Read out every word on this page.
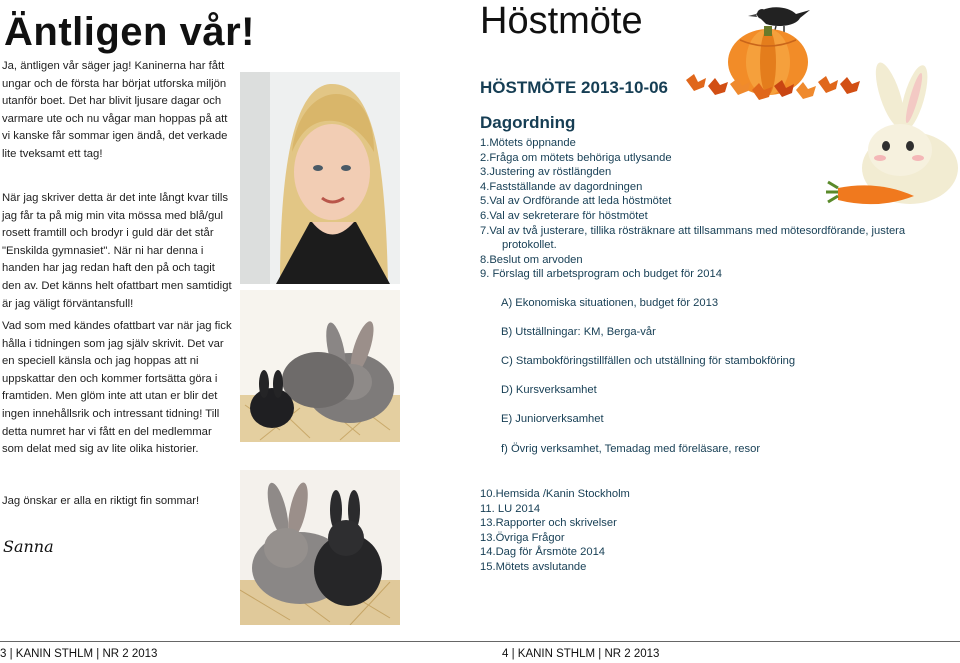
Äntligen vår!

Ja, äntligen vår säger jag! Kaninerna har fått ungar och de första har börjat utforska miljön utanför boet. Det har blivit ljusare dagar och varmare ute och nu vågar man hoppas på att vi kanske får sommar igen ändå, det verkade lite tveksamt ett tag!

När jag skriver detta är det inte långt kvar tills jag får ta på mig min vita mössa med blå/gul rosett framtill och brodyr i guld där det står "Enskilda gymnasiet". När ni har denna i handen har jag redan haft den på och tagit den av. Det känns helt ofattbart men samtidigt är jag väligt förväntansfull!

Vad som med kändes ofattbart var när jag fick hålla i tidningen som jag själv skrivit. Det var en speciell känsla och jag hoppas att ni uppskattar den och kommer fortsätta göra i framtiden. Men glöm inte att utan er blir det ingen innehållsrik och intressant tidning! Till detta numret har vi fått en del medlemmar som delat med sig av lite olika historier.

Jag önskar er alla en riktigt fin sommar!

Sanna
Höstmöte
HÖSTMÖTE 2013-10-06
Dagordning
1.Mötets öppnande
2.Fråga om mötets behöriga utlysande
3.Justering av röstlängden
4.Fastställande av dagordningen
5.Val av Ordförande att leda höstmötet
6.Val av sekreterare för höstmötet
7.Val av två justerare, tillika rösträknare att tillsammans med mötesordförande, justera protokollet.
8.Beslut om arvoden
9. Förslag till arbetsprogram och budget för 2014
A) Ekonomiska situationen, budget för 2013
B) Utställningar: KM, Berga-vår
C) Stambokföringstillfällen och utställning för stambokföring
D) Kursverksamhet
E) Juniorverksamhet
f) Övrig verksamhet, Temadag med föreläsare, resor
10.Hemsida /Kanin Stockholm
11. LU 2014
13.Rapporter och skrivelser
13.Övriga Frågor
14.Dag för Årsmöte 2014
15.Mötets avslutande
3 | KANIN STHLM | NR 2 2013	4 | KANIN STHLM | NR 2 2013
